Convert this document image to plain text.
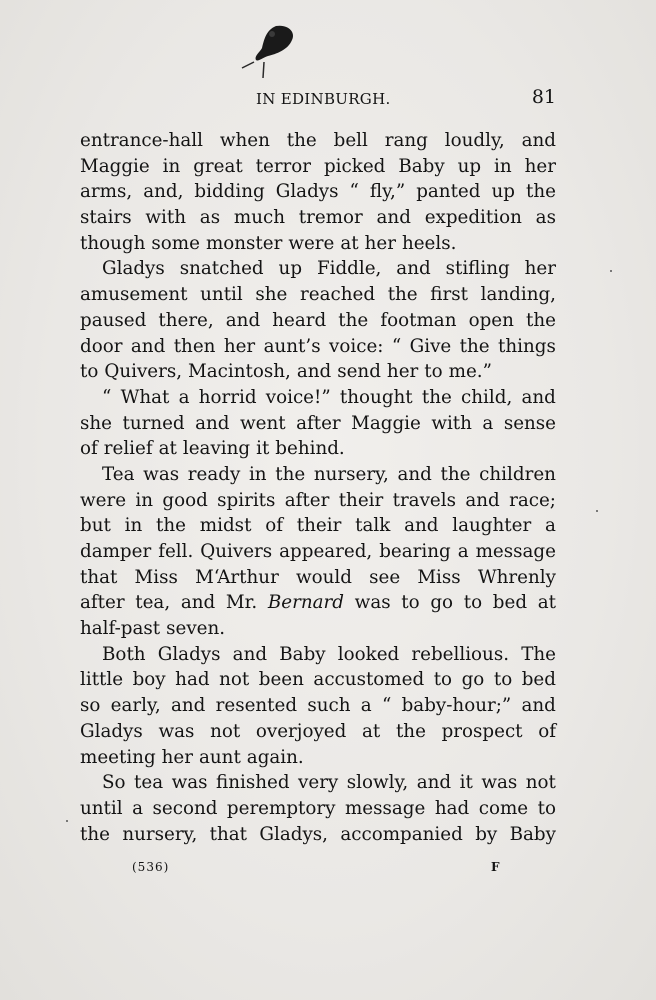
IN EDINBURGH.	81
entrance-hall when the bell rang loudly, and
Maggie in great terror picked Baby up in her
arms, and, bidding Gladys “ fly,” panted up the
stairs with as much tremor and expedition as
though some monster were at her heels.
Gladys snatched up Fiddle, and stifling her
amusement until she reached the first landing,
paused there, and heard the footman open the
door and then her aunt’s voice: “ Give the things
to Quivers, Macintosh, and send her to me.”
“ What a horrid voice!” thought the child, and
she turned and went after Maggie with a sense
of relief at leaving it behind.
Tea was ready in the nursery, and the children
were in good spirits after their travels and race;
but in the midst of their talk and laughter a
damper fell. Quivers appeared, bearing a message
that Miss M‘Arthur would see Miss Whrenly
after tea, and Mr. Bernard was to go to bed at
half-past seven.
Both Gladys and Baby looked rebellious. The
little boy had not been accustomed to go to bed
so early, and resented such a “ baby-hour;” and
Gladys was not overjoyed at the prospect of
meeting her aunt again.
So tea was finished very slowly, and it was not
until a second peremptory message had come to
the nursery, that Gladys, accompanied by Baby
(536)	F
